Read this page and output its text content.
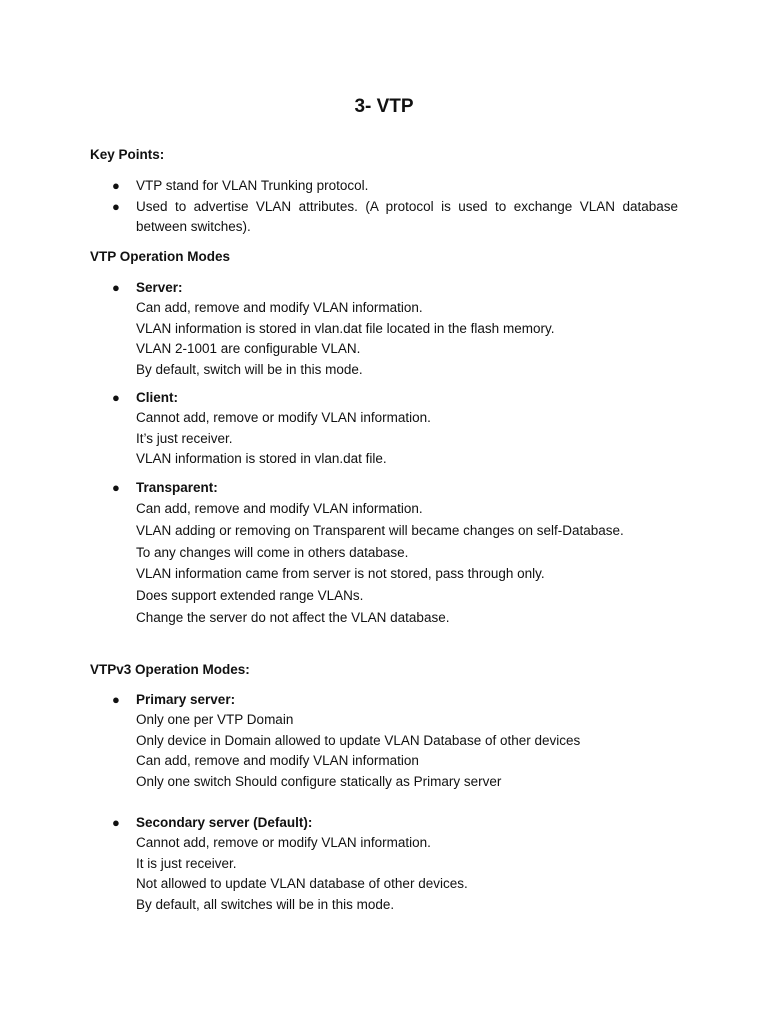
3- VTP

Key Points:

● VTP stand for VLAN Trunking protocol.
● Used to advertise VLAN attributes. (A protocol is used to exchange VLAN database between switches).

VTP Operation Modes

● Server:
Can add, remove and modify VLAN information.
VLAN information is stored in vlan.dat file located in the flash memory.
VLAN 2-1001 are configurable VLAN.
By default, switch will be in this mode.
● Client:
Cannot add, remove or modify VLAN information.
It’s just receiver.
VLAN information is stored in vlan.dat file.
● Transparent:
Can add, remove and modify VLAN information.
VLAN adding or removing on Transparent will became changes on self-Database.
To any changes will come in others database.
VLAN information came from server is not stored, pass through only.
Does support extended range VLANs.
Change the server do not affect the VLAN database.

VTPv3 Operation Modes:

● Primary server:
Only one per VTP Domain
Only device in Domain allowed to update VLAN Database of other devices
Can add, remove and modify VLAN information
Only one switch Should configure statically as Primary server
● Secondary server (Default):
Cannot add, remove or modify VLAN information.
It is just receiver.
Not allowed to update VLAN database of other devices.
By default, all switches will be in this mode.
